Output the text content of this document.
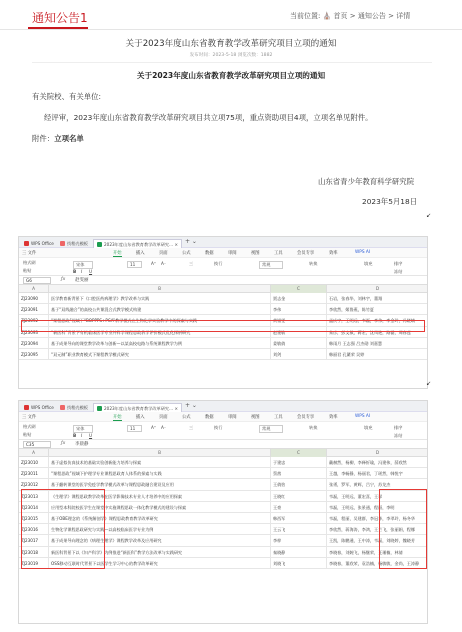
通知公告1	当前位置: ⛪ 首页 > 通知公告 > 详情
关于2023年度山东省教育教学改革研究项目立项的通知
发布时间：2023-5-18 浏览次数：1882
关于2023年度山东省教育教学改革研究项目立项的通知
有关院校、有关单位:
经评审，2023年度山东省教育教学改革研究项目共立项75项，重点资助项目4项，立项名单见附件。
附件：立项名单
山东省青少年教育科学研究院
2023年5月18日
↙
WPS Office	找稻壳模板	2023年度山东省教育教学改革研究... ×	+ ⌄
三 文件	开始	插入	页面	公式	数据	审阅	视图	工具	会员专享	效率	WPS AI
格式刷
粘贴
宋体	11	A⁺ A⁻
B I U
三	换行	常规	转换	填充	排序
冻结
G6	ƒx 赵雯丽
A	B	C	D
ZJ23090	医学教育新背景下《口腔医药病理学》教学改革与实践	贾志金	石岩，张春华，刘林宇，董翔
ZJ23091	基于“双线融合”的高校公共课混合式教学模式构建	李伟	李欣然，姬鲁燕，陈竹夏
ZJ23092	“课程思政”视域下“BOPPPS+PCA”教学模式在生物化学实验教学中的探索与实践	黄银雯	孟庆宇，王明远，韦磊，李伟，李金玲，冯晓蜻
ZJ23093	“新医科”背景下有机临床医学专业外科学课程思政教学评价模式优化探析研究	赵建敏	朱彦，彭文敏，蒋宏，沈凤艳，路磊，周春莲
ZJ23094	基于成果导向的课堂教学改革与创新—以某高校电路与系统课程教学为例	姜敏倩	韩雨月 王志强 吕杰勋 刘嘉慧
ZJ23095	“双元制”职业教育模式下课程教学模式研究	刘剑	韩丽君 孔繁荣 吴婷
↙
WPS Office	找稻壳模板	2023年度山东省教育教学改革研究... ×	+ ⌄
三 文件	开始	插入	页面	公式	数据	审阅	视图	工具	会员专享	效率	WPS AI
格式刷
粘贴
宋体	11	A⁺ A⁻
B I U
三	换行	常规	转换	填充	排序
冻结
C35	ƒx 李晨静
A	B	C	D
ZJ23010	基于虚拟仿真技术的基础实验创新能力培养与探索	于建忠	戴赫然，杨柳，李释忻瑜，冯建伟，薛欣然
ZJ23011	“课程思政”视域下护理学专业课程思政育人体系的探索与实践	蔡茜	王越，李畅静，杨丽君，丁瑶然，韩悦宇
ZJ23012	基于翻转课堂的医学免疫学教学模式改革与课程思政融合建设及应用	王倩怡	张勇，罗军，黄辉，吕宁，苏龙杰
ZJ23013	《生理学》课程思政教学改革在医学影像技术专业人才培养中的应用探索	王晓红	韦磊，王明远，董宏喜，王翠
ZJ23014	应用型本科院校医学生在课堂中实施课程思政一体化教学模式的建设与探索	王豪	韦磊，王明远，张景通，程丽，李明
ZJ23015	基于OBE理念的《系统解剖学》课程思政教育教学改革研究	韩西军	韦磊，程丽，吴建群，李冠华，李翠玲，杨冬华
ZJ23016	生物化学课程思政研究与实践—以高校临床医学专业为例	王云飞	李欣然，蒋海涛，李鸿，王兰飞，张丽娟，程娜
ZJ23017	基于成果导向理念的《病理生理学》课程教学改革及应用研究	李梓	王凯，陈鹏通，王中涛，韦磊，刘晓婷，魏晓芳
ZJ23018	新医科背景下以《妇产科学》为例推进“新医科”教学方法改革与实践研究	秦晓静	李晓春，刘婉飞，杨继荣，王瑾楠，林倩
ZJ23019	OSS移动互联时代背景下以医学生学习中心的教学改革研究	刘晓飞	李晓春，董欣荣，袁浩楠，杨敏敏，金尚，王涛静
